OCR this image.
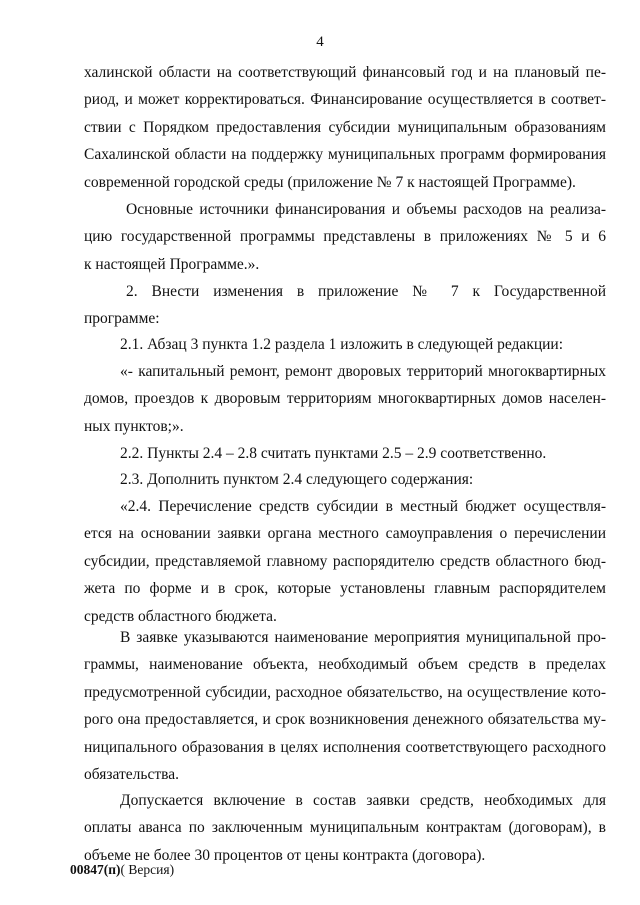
4
халинской области на соответствующий финансовый год и на плановый пе-
риод, и может корректироваться. Финансирование осуществляется в соответ-
ствии с Порядком предоставления субсидии муниципальным образованиям
Сахалинской области на поддержку муниципальных программ формирования
современной городской среды (приложение № 7 к настоящей Программе).
Основные источники финансирования и объемы расходов на реализа-
цию государственной программы представлены в приложениях № 5 и 6
к настоящей Программе.».
2. Внести изменения в приложение № 7 к Государственной
программе:
2.1. Абзац 3 пункта 1.2 раздела 1 изложить в следующей редакции:
«- капитальный ремонт, ремонт дворовых территорий многоквартирных
домов, проездов к дворовым территориям многоквартирных домов населен-
ных пунктов;».
2.2. Пункты 2.4 – 2.8 считать пунктами 2.5 – 2.9 соответственно.
2.3. Дополнить пунктом 2.4 следующего содержания:
«2.4. Перечисление средств субсидии в местный бюджет осуществля-
ется на основании заявки органа местного самоуправления о перечислении
субсидии, представляемой главному распорядителю средств областного бюд-
жета по форме и в срок, которые установлены главным распорядителем
средств областного бюджета.
В заявке указываются наименование мероприятия муниципальной про-
граммы, наименование объекта, необходимый объем средств в пределах
предусмотренной субсидии, расходное обязательство, на осуществление кото-
рого она предоставляется, и срок возникновения денежного обязательства му-
ниципального образования в целях исполнения соответствующего расходного
обязательства.
Допускается включение в состав заявки средств, необходимых для
оплаты аванса по заключенным муниципальным контрактам (договорам), в
объеме не более 30 процентов от цены контракта (договора).
00847(п)( Версия)
